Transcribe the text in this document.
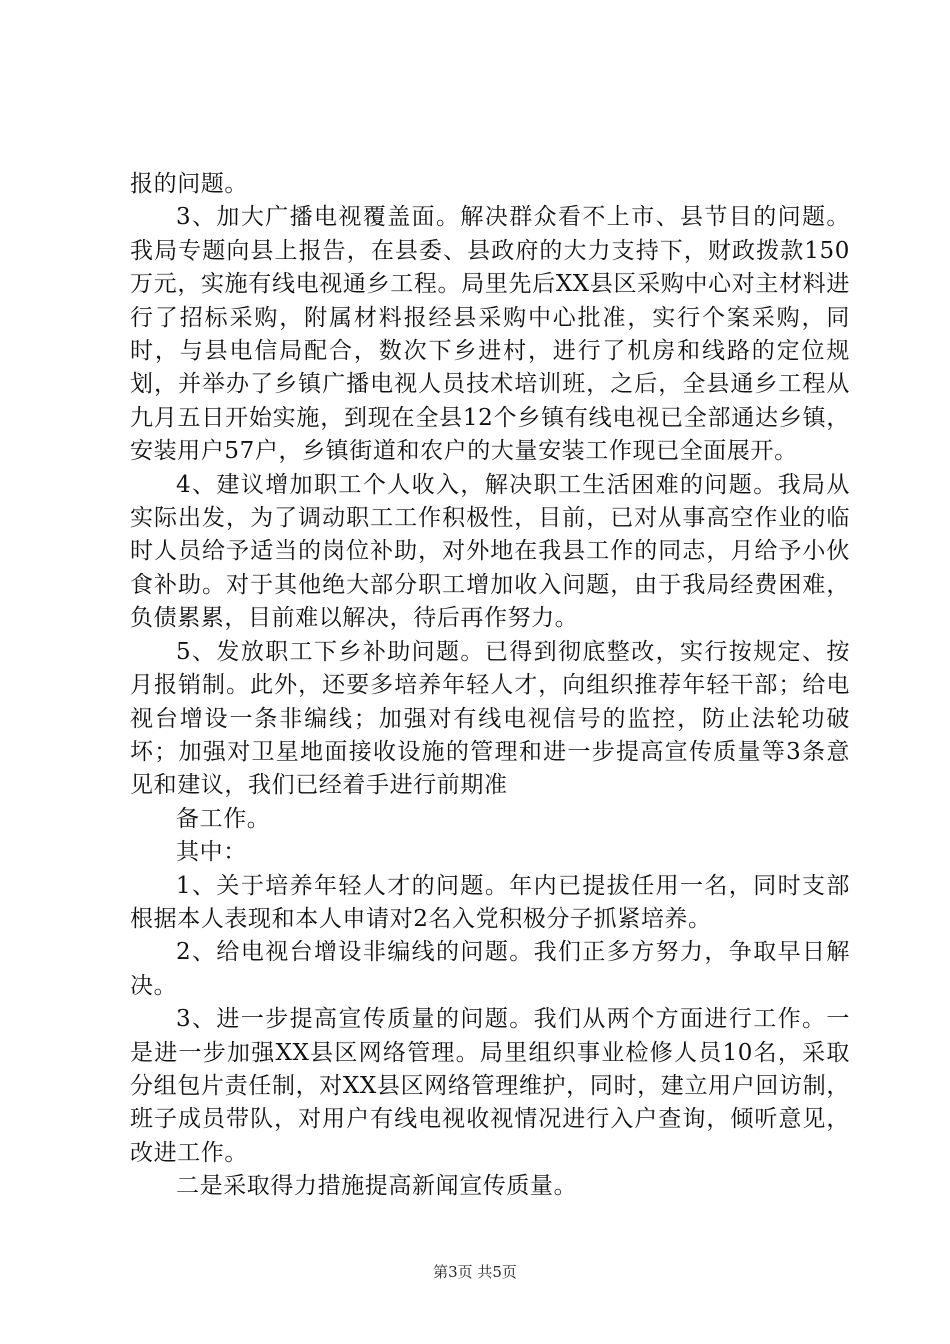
报的问题。

3、加大广播电视覆盖面。解决群众看不上市、县节目的问题。我局专题向县上报告，在县委、县政府的大力支持下，财政拨款150万元，实施有线电视通乡工程。局里先后XX县区采购中心对主材料进行了招标采购，附属材料报经县采购中心批准，实行个案采购，同时，与县电信局配合，数次下乡进村，进行了机房和线路的定位规划，并举办了乡镇广播电视人员技术培训班，之后，全县通乡工程从九月五日开始实施，到现在全县12个乡镇有线电视已全部通达乡镇，安装用户57户，乡镇街道和农户的大量安装工作现已全面展开。

4、建议增加职工个人收入，解决职工生活困难的问题。我局从实际出发，为了调动职工工作积极性，目前，已对从事高空作业的临时人员给予适当的岗位补助，对外地在我县工作的同志，月给予小伙食补助。对于其他绝大部分职工增加收入问题，由于我局经费困难，负债累累，目前难以解决，待后再作努力。

5、发放职工下乡补助问题。已得到彻底整改，实行按规定、按月报销制。此外，还要多培养年轻人才，向组织推荐年轻干部；给电视台增设一条非编线；加强对有线电视信号的监控，防止法轮功破坏；加强对卫星地面接收设施的管理和进一步提高宣传质量等3条意见和建议，我们已经着手进行前期准

备工作。

其中：

1、关于培养年轻人才的问题。年内已提拔任用一名，同时支部根据本人表现和本人申请对2名入党积极分子抓紧培养。

2、给电视台增设非编线的问题。我们正多方努力，争取早日解决。

3、进一步提高宣传质量的问题。我们从两个方面进行工作。一是进一步加强XX县区网络管理。局里组织事业检修人员10名，采取分组包片责任制，对XX县区网络管理维护，同时，建立用户回访制，班子成员带队，对用户有线电视收视情况进行入户查询，倾听意见，改进工作。

二是采取得力措施提高新闻宣传质量。

第3页 共5页
